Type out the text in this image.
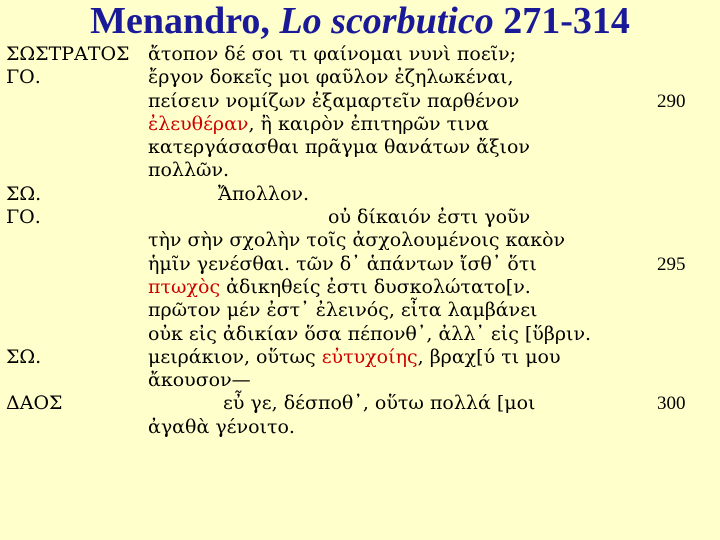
Menandro, Lo scorbutico 271-314
ΣΩΣΤΡΑΤΟΣ ἄτοπον δέ σοι τι φαίνομαι νυνὶ ποεῖν;
ΓΟ.	ἔργον δοκεῖς μοι φαῦλον ἐζηλωκέναι,
πείσειν νομίζων ἐξαμαρτεῖν παρθένον	290
ἐλευθέραν, ἢ καιρὸν ἐπιτηρῶν τινα
κατεργάσασθαι πρᾶγμα θανάτων ἄξιον
πολλῶν.
ΣΩ.	Ἄπολλον.
ΓΟ.	οὐ δίκαιόν ἐστι γοῦν
τὴν σὴν σχολὴν τοῖς ἀσχολουμένοις κακὸν
ἡμῖν γενέσθαι. τῶν δ᾽ ἁπάντων ἴσθ᾽ ὅτι	295
πτωχὸς ἀδικηθείς ἐστι δυσκολώτατο[ν.
πρῶτον μέν ἐστ᾽ ἐλεινός, εἶτα λαμβάνει
οὐκ εἰς ἀδικίαν ὅσα πέπονθ᾽, ἀλλ᾽ εἰς [ὕβριν.
ΣΩ.	μειράκιον, οὕτως εὐτυχοίης, βραχ[ύ τι μου
ἄκουσον—
ΔΑΟΣ	εὖ γε, δέσποθ᾽, οὕτω πολλά [μοι	300
ἀγαθὰ γένοιτο.
